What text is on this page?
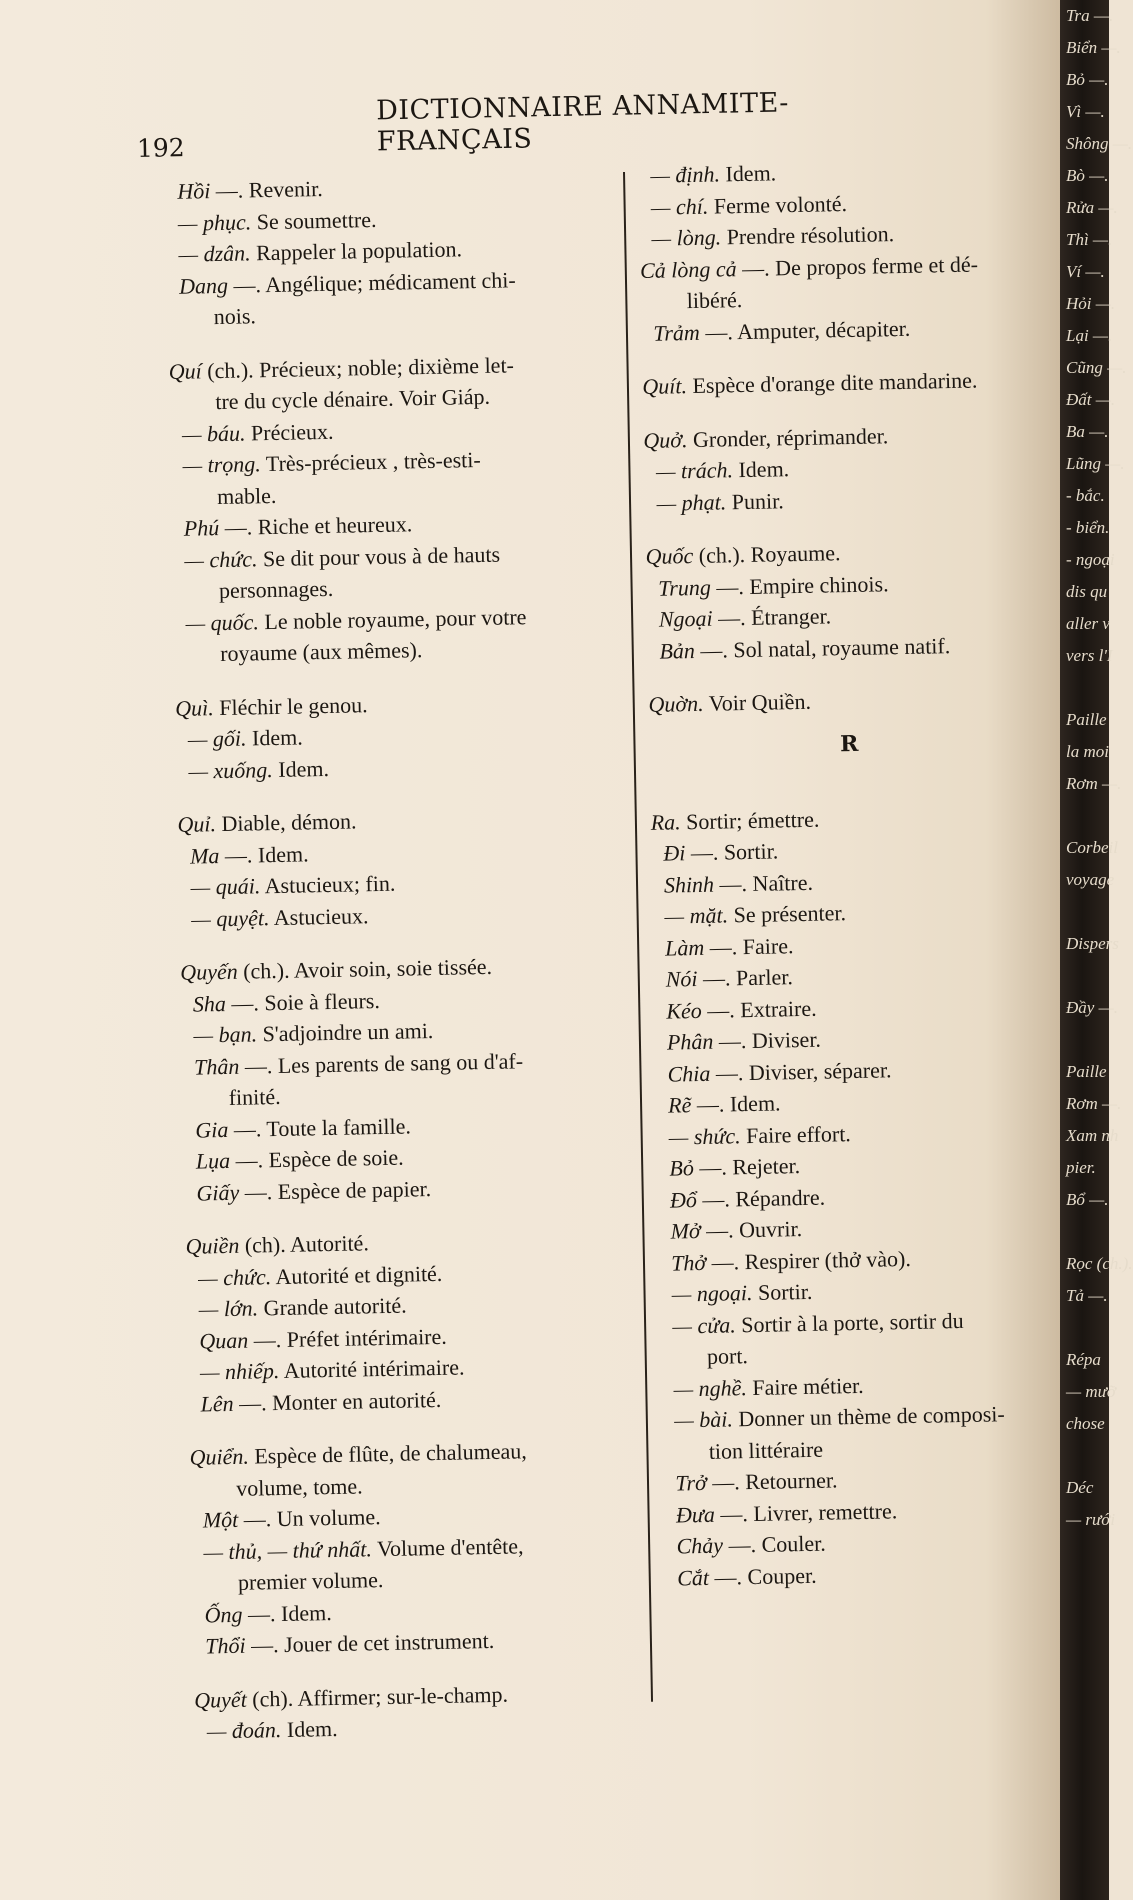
192
DICTIONNAIRE ANNAMITE-FRANÇAIS
Hồi —. Revenir.
— phục. Se soumettre.
— dzân. Rappeler la population.
Dang —. Angélique; médicament chi-
nois.
Quí (ch.). Précieux; noble; dixième let-
tre du cycle dénaire. Voir Giáp.
— báu. Précieux.
— trọng. Très-précieux , très-esti-
mable.
Phú —. Riche et heureux.
— chức. Se dit pour vous à de hauts
personnages.
— quốc. Le noble royaume, pour votre
royaume (aux mêmes).
Quì. Fléchir le genou.
— gối. Idem.
— xuống. Idem.
Quỉ. Diable, démon.
Ma —. Idem.
— quái. Astucieux; fin.
— quyệt. Astucieux.
Quyến (ch.). Avoir soin, soie tissée.
Sha —. Soie à fleurs.
— bạn. S'adjoindre un ami.
Thân —. Les parents de sang ou d'af-
finité.
Gia —. Toute la famille.
Lụa —. Espèce de soie.
Giấy —. Espèce de papier.
Quiền (ch). Autorité.
— chức. Autorité et dignité.
— lớn. Grande autorité.
Quan —. Préfet intérimaire.
— nhiếp. Autorité intérimaire.
Lên —. Monter en autorité.
Quiển. Espèce de flûte, de chalumeau,
volume, tome.
Một —. Un volume.
— thủ, — thứ nhất. Volume d'entête,
premier volume.
Ống —. Idem.
Thổi —. Jouer de cet instrument.
Quyết (ch). Affirmer; sur-le-champ.
— đoán. Idem.
— định. Idem.
— chí. Ferme volonté.
— lòng. Prendre résolution.
Cả lòng cả —. De propos ferme et dé-
libéré.
Trảm —. Amputer, décapiter.
Quít. Espèce d'orange dite mandarine.
Quở. Gronder, réprimander.
— trách. Idem.
— phạt. Punir.
Quốc (ch.). Royaume.
Trung —. Empire chinois.
Ngoại —. Étranger.
Bản —. Sol natal, royaume natif.
Quờn. Voir Quiền.
R
Ra. Sortir; émettre.
Đi —. Sortir.
Shinh —. Naître.
— mặt. Se présenter.
Làm —. Faire.
Nói —. Parler.
Kéo —. Extraire.
Phân —. Diviser.
Chia —. Diviser, séparer.
Rẽ —. Idem.
— shức. Faire effort.
Bỏ —. Rejeter.
Đổ —. Répandre.
Mở —. Ouvrir.
Thở —. Respirer (thở vào).
— ngoại. Sortir.
— cửa. Sortir à la porte, sortir du
port.
— nghề. Faire métier.
— bài. Donner un thème de composi-
tion littéraire
Trở —. Retourner.
Đưa —. Livrer, remettre.
Chảy —. Couler.
Cắt —. Couper.
Tra —.
Biển —.
Bỏ —.
Vì —.
Shông —.
Bò —.
Rửa —.
Thì —.
Ví —.
Hỏi —.
Lại —.
Cũng —.
Đất —.
Ba —.
Lũng —.
- bắc.
- biển.
- ngoại
dis qu
aller v
vers l'I

Paille
la moi
Rơm —.

Corbeil
voyage

Dispers

Đầy —.

Paille
Rơm —.
Xam nh
pier.
Bổ —.

Rọc (ch.).
Tả —.

Répa
— mưỡ
chose

Déc
— rưới
